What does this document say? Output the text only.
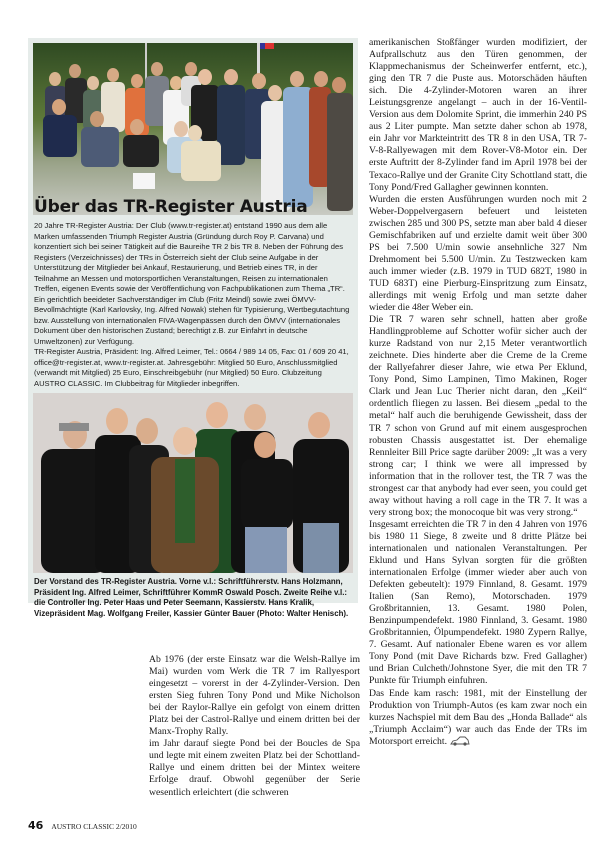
Über das TR-Register Austria

20 Jahre TR-Register Austria: Der Club (www.tr-register.at) entstand 1990 aus dem alle Marken umfassenden Triumph Register Austria (Gründung durch Roy P. Carvana) und konzentiert sich bei seiner Tätigkeit auf die Baureihe TR 2 bis TR 8. Neben der Führung des Registers (Verzeichnisses) der TRs in Österreich sieht der Club seine Aufgabe in der Unterstützung der Mitglieder bei Ankauf, Restaurierung, und Betrieb eines TR, in der Teilnahme an Messen und motorsportlichen Veranstaltungen, Reisen zu internationalen Treffen, eigenen Events sowie der Veröffentlichung von Fachpublikationen zum Thema „TR“.

Ein gerichtlich beeideter Sachverständiger im Club (Fritz Meindl) sowie zwei ÖMVV-Bevollmächtigte (Karl Karlovsky, Ing. Alfred Nowak) stehen für Typisierung, Wertbegutachtung bzw. Ausstellung von internationalen FIVA-Wagenpässen durch den ÖMVV (internationales Dokument über den historischen Zustand; berechtigt z.B. zur Einfahrt in deutsche Umweltzonen) zur Verfügung.

TR-Register Austria, Präsident: Ing. Alfred Leimer, Tel.: 0664 / 989 14 05, Fax: 01 / 609 20 41, office@tr-register.at, www.tr-register.at. Jahresgebühr: Mitglied 50 Euro, Anschlussmitglied (verwandt mit Mitglied) 25 Euro, Einschreibgebühr (nur Mitglied) 50 Euro. Clubzeitung AUSTRO CLASSIC. Im Clubbeitrag für Mitglieder inbegriffen.

Der Vorstand des TR-Register Austria. Vorne v.l.: Schriftführerstv. Hans Holzmann, Präsident Ing. Alfred Leimer, Schriftführer KommR Oswald Posch. Zweite Reihe v.l.: die Controller Ing. Peter Haas und Peter Seemann, Kassierstv. Hans Kralik, Vizepräsident Mag. Wolfgang Freiler, Kassier Günter Bauer (Photo: Walter Henisch).

Ab 1976 (der erste Einsatz war die Welsh-Rallye im Mai) wurden vom Werk die TR 7 im Rallyesport eingesetzt – vorerst in der 4-Zylinder-Version. Den ersten Sieg fuhren Tony Pond und Mike Nicholson bei der Raylor-Rallye ein gefolgt von einem dritten Platz bei der Castrol-Rallye und einem dritten bei der Manx-Trophy Rally.

im Jahr darauf siegte Pond bei der Boucles de Spa und legte mit einem zweiten Platz bei der Schottland-Rallye und einem dritten bei der Mintex weitere Erfolge drauf. Obwohl gegenüber der Serie wesentlich erleichtert (die schweren

amerikanischen Stoßfänger wurden modifiziert, der Aufprallschutz aus den Türen genommen, der Klappmechanismus der Scheinwerfer entfernt, etc.), ging den TR 7 die Puste aus. Motorschäden häuften sich. Die 4-Zylinder-Motoren waren an ihrer Leistungsgrenze angelangt – auch in der 16-Ventil-Version aus dem Dolomite Sprint, die immerhin 240 PS aus 2 Liter pumpte. Man setzte daher schon ab 1978, ein Jahr vor Markteintritt des TR 8 in den USA, TR 7-V-8-Rallyewagen mit dem Rover-V8-Motor ein. Der erste Auftritt der 8-Zylinder fand im April 1978 bei der Texaco-Rallye und der Granite City Schottland statt, die Tony Pond/Fred Gallagher gewinnen konnten.

Wurden die ersten Ausführungen wurden noch mit 2 Weber-Doppelvergasern befeuert und leisteten zwischen 285 und 300 PS, setzte man aber bald 4 dieser Gemischfabriken auf und erzielte damit weit über 300 PS bei 7.500 U/min sowie ansehnliche 327 Nm Drehmoment bei 5.500 U/min. Zu Testzwecken kam auch immer wieder (z.B. 1979 in TUD 682T, 1980 in TUD 683T) eine Pierburg-Einspritzung zum Einsatz, allerdings mit wenig Erfolg und man setzte daher wieder die 48er Weber ein.

Die TR 7 waren sehr schnell, hatten aber große Handlingprobleme auf Schotter wofür sicher auch der kurze Radstand von nur 2,15 Meter verantwortlich zeichnete. Dies hinderte aber die Creme de la Creme der Rallyefahrer dieser Jahre, wie etwa Per Eklund, Tony Pond, Simo Lampinen, Timo Makinen, Roger Clark und Jean Luc Therier nicht daran, den „Keil“ ordentlich fliegen zu lassen. Bei diesem „pedal to the metal“ half auch die beruhigende Gewissheit, dass der TR 7 schon von Grund auf mit einem ausgesprochen robusten Chassis ausgestattet ist. Der ehemalige Rennleiter Bill Price sagte darüber 2009: „It was a very strong car; I think we were all impressed by information that in the rollover test, the TR 7 was the strongest car that anybody had ever seen, you could get away without having a roll cage in the TR 7. It was a very strong box; the monocoque bit was very strong.“

Insgesamt erreichten die TR 7 in den 4 Jahren von 1976 bis 1980 11 Siege, 8 zweite und 8 dritte Plätze bei internationalen und nationalen Veranstaltungen. Per Eklund und Hans Sylvan sorgten für die größten internationalen Erfolge (immer wieder aber auch von Defekten gebeutelt): 1979 Finnland, 8. Gesamt. 1979 Italien (San Remo), Motorschaden. 1979 Großbritannien, 13. Gesamt. 1980 Polen, Benzinpumpendefekt. 1980 Finnland, 3. Gesamt. 1980 Großbritannien, Ölpumpendefekt. 1980 Zypern Rallye, 7. Gesamt. Auf nationaler Ebene waren es vor allem Tony Pond (mit Dave Richards bzw. Fred Gallagher) und Brian Culcheth/Johnstone Syer, die mit den TR 7 Punkte für Triumph einfuhren.

Das Ende kam rasch: 1981, mit der Einstellung der Produktion von Triumph-Autos (es kam zwar noch ein kurzes Nachspiel mit dem Bau des „Honda Ballade“ als „Triumph Acclaim“) war auch das Ende der TRs im Motorsport erreicht.

46 AUSTRO CLASSIC 2/2010
